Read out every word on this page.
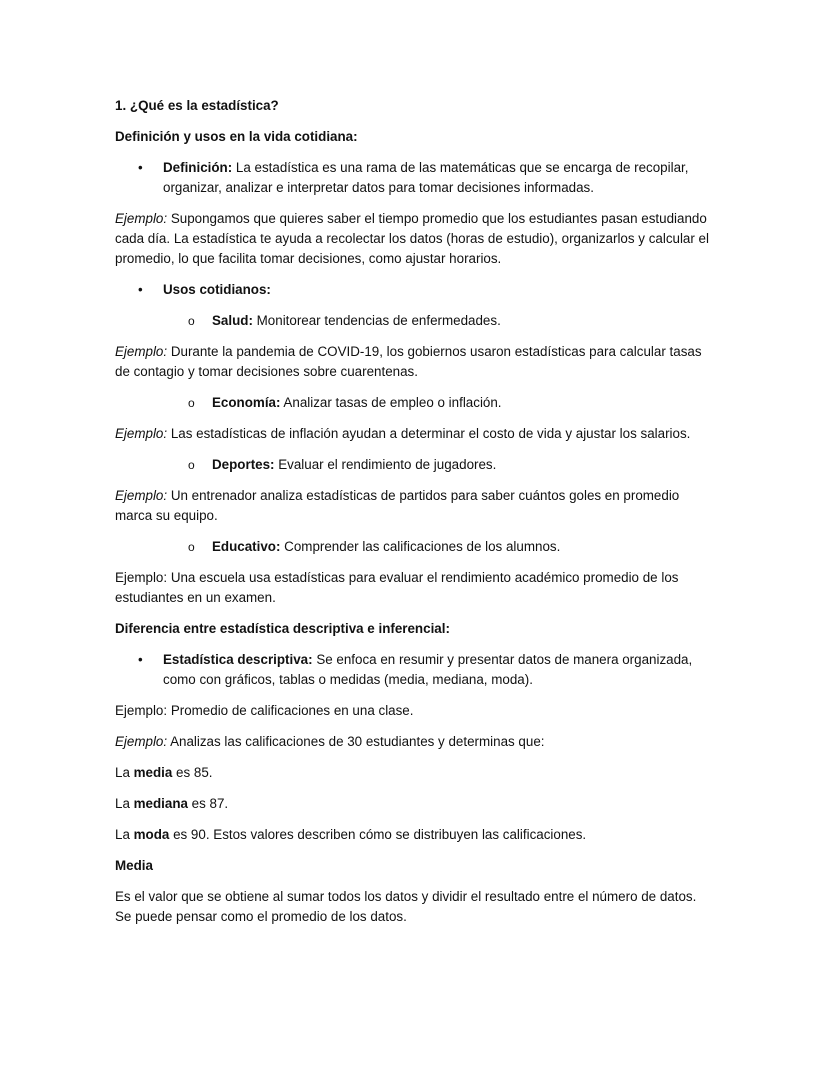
1. ¿Qué es la estadística?

Definición y usos en la vida cotidiana:

• Definición: La estadística es una rama de las matemáticas que se encarga de recopilar, organizar, analizar e interpretar datos para tomar decisiones informadas.

Ejemplo: Supongamos que quieres saber el tiempo promedio que los estudiantes pasan estudiando cada día. La estadística te ayuda a recolectar los datos (horas de estudio), organizarlos y calcular el promedio, lo que facilita tomar decisiones, como ajustar horarios.

• Usos cotidianos:
o Salud: Monitorear tendencias de enfermedades.

Ejemplo: Durante la pandemia de COVID-19, los gobiernos usaron estadísticas para calcular tasas de contagio y tomar decisiones sobre cuarentenas.

o Economía: Analizar tasas de empleo o inflación.

Ejemplo: Las estadísticas de inflación ayudan a determinar el costo de vida y ajustar los salarios.

o Deportes: Evaluar el rendimiento de jugadores.

Ejemplo: Un entrenador analiza estadísticas de partidos para saber cuántos goles en promedio marca su equipo.

o Educativo: Comprender las calificaciones de los alumnos.

Ejemplo: Una escuela usa estadísticas para evaluar el rendimiento académico promedio de los estudiantes en un examen.

Diferencia entre estadística descriptiva e inferencial:

• Estadística descriptiva: Se enfoca en resumir y presentar datos de manera organizada, como con gráficos, tablas o medidas (media, mediana, moda).

Ejemplo: Promedio de calificaciones en una clase.

Ejemplo: Analizas las calificaciones de 30 estudiantes y determinas que:

La media es 85.

La mediana es 87.

La moda es 90. Estos valores describen cómo se distribuyen las calificaciones.

Media

Es el valor que se obtiene al sumar todos los datos y dividir el resultado entre el número de datos. Se puede pensar como el promedio de los datos.
